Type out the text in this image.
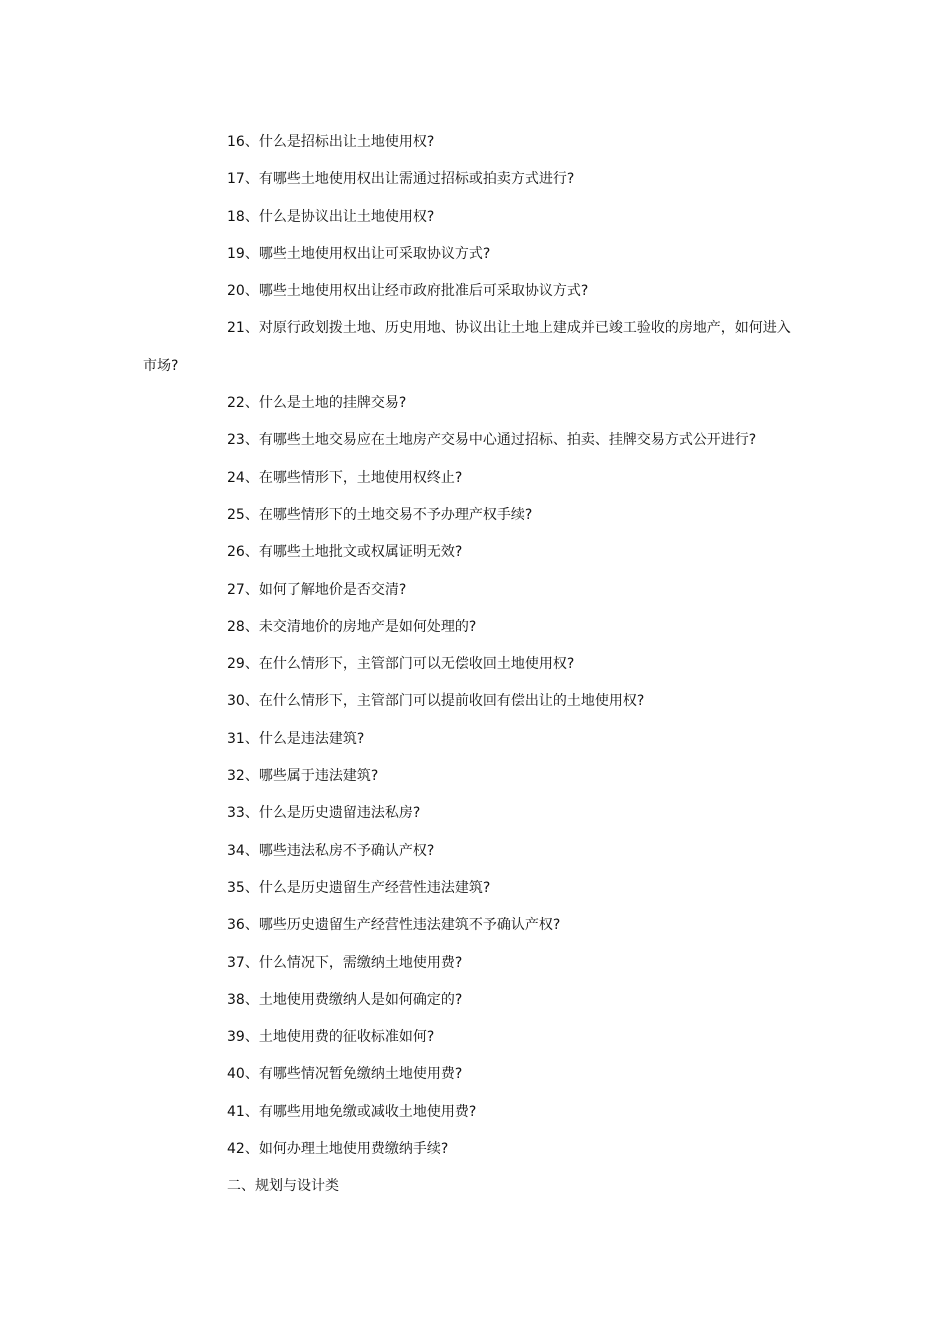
16、什么是招标出让土地使用权?
17、有哪些土地使用权出让需通过招标或拍卖方式进行?
18、什么是协议出让土地使用权?
19、哪些土地使用权出让可采取协议方式?
20、哪些土地使用权出让经市政府批准后可采取协议方式?
21、对原行政划拨土地、历史用地、协议出让土地上建成并已竣工验收的房地产，如何进入
市场?
22、什么是土地的挂牌交易?
23、有哪些土地交易应在土地房产交易中心通过招标、拍卖、挂牌交易方式公开进行?
24、在哪些情形下，土地使用权终止?
25、在哪些情形下的土地交易不予办理产权手续?
26、有哪些土地批文或权属证明无效?
27、如何了解地价是否交清?
28、未交清地价的房地产是如何处理的?
29、在什么情形下，主管部门可以无偿收回土地使用权?
30、在什么情形下，主管部门可以提前收回有偿出让的土地使用权?
31、什么是违法建筑?
32、哪些属于违法建筑?
33、什么是历史遗留违法私房?
34、哪些违法私房不予确认产权?
35、什么是历史遗留生产经营性违法建筑?
36、哪些历史遗留生产经营性违法建筑不予确认产权?
37、什么情况下，需缴纳土地使用费?
38、土地使用费缴纳人是如何确定的?
39、土地使用费的征收标准如何?
40、有哪些情况暂免缴纳土地使用费?
41、有哪些用地免缴或减收土地使用费?
42、如何办理土地使用费缴纳手续?
二、规划与设计类
